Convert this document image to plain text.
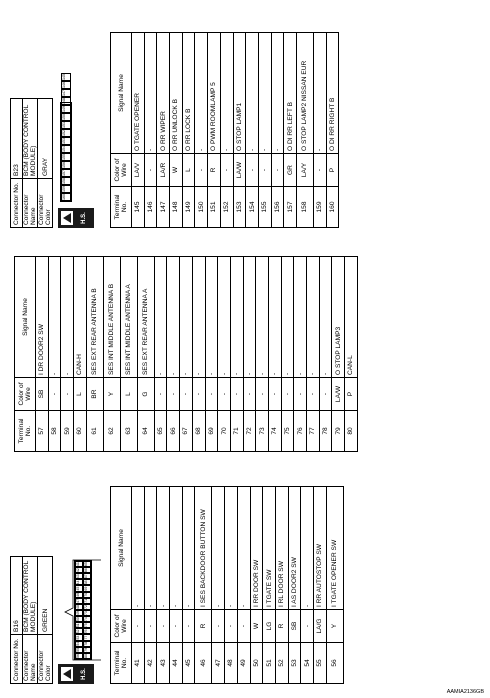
Connector No.	B16
Connector Name	BCM (BODY CONTROL MODULE)
Connector Color	GREEN
H.S.
56
55
54
53
52
51
50
49
48
47
46
45
44
43
42
41
80
79
78
77
76
75
74
73
72
71
70
69
68
67
66
65
Terminal No.	Color of Wire	Signal Name
41	-	-
42	-	-
43	-	-
44	-	-
45	-	-
46	R	I SES BACKDOOR BUTTON SW
47	-	-
48	-	-
49	-	-
50	W	I RR DOOR SW
51	LG	I TGATE SW
52	R	I RL DOOR SW
53	SB	I AS DOOR2 SW
54	-	-
55	LA/G	I RR AUTOSTOP SW
56	Y	I TGATE OPENER SW
Terminal No.	Color of Wire	Signal Name
57	SB	I DR DOOR2 SW
58	-	-
59	-	-
60	L	CAN-H
61	BR	SES EXT REAR ANTENNA B
62	Y	SES INT MIDDLE ANTENNA B
63	L	SES INT MIDDLE ANTENNA A
64	G	SES EXT REAR ANTENNA A
65	-	-
66	-	-
67	-	-
68	-	-
69	-	-
70	-	-
71	-	-
72	-	-
73	-	-
74	-	-
75	-	-
76	-	-
77	-	-
78	-	-
79	LA/W	O STOP LAMP3
80	P	CAN-L
Connector No.	B23
Connector Name	BCM (BODY CONTROL MODULE)
Connector Color	GRAY
H.S.
160
159
158
157
156
155
154
153
152
151
150
149
148
147
146
145
Terminal No.	Color of Wire	Signal Name
145	LA/V	O TGATE OPENER
146	-	-
147	LA/R	O RR WIPER
148	W	O RR UNLOCK B
149	L	O RR LOCK B
150	-	-
151	R	O PWM ROOMLAMP 5
152	-	-
153	LA/W	O STOP LAMP1
154	-	-
155	-	-
156	-	-
157	GR	O DI RR LEFT B
158	LA/Y	O STOP LAMP2 NISSAN EUR
159	-	-
160	P	O DI RR RIGHT B
AAMIA2136GB
